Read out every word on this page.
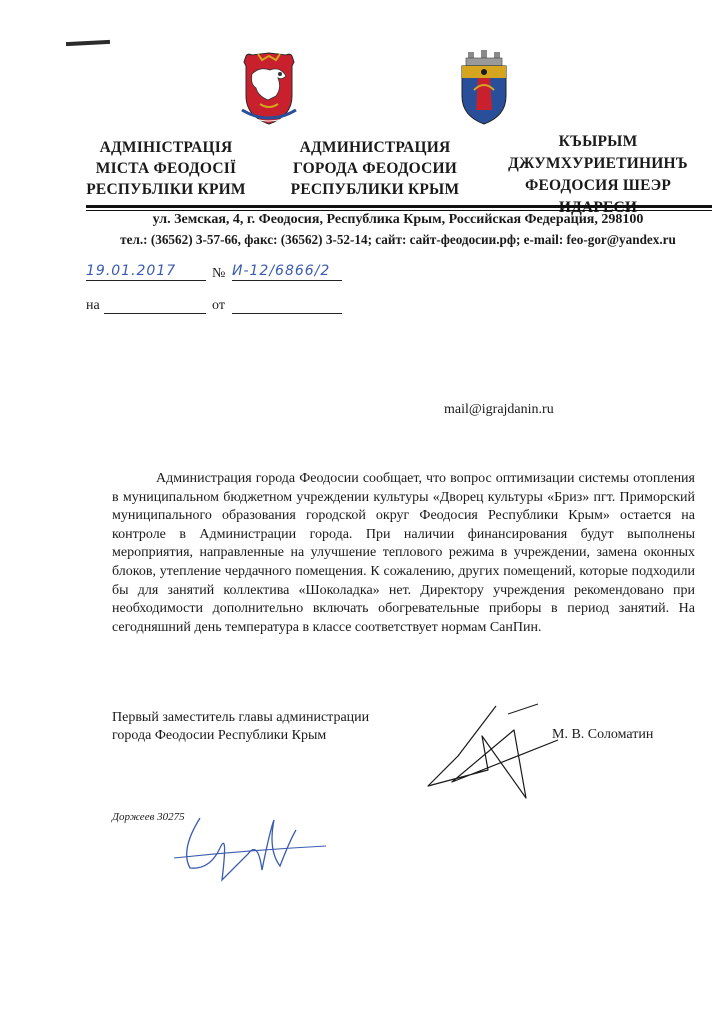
АДМІНІСТРАЦІЯ
МІСТА ФЕОДОСІЇ
РЕСПУБЛІКИ КРИМ
АДМИНИСТРАЦИЯ
ГОРОДА ФЕОДОСИИ
РЕСПУБЛИКИ КРЫМ
КЪЫРЫМ
ДЖУМХУРИЕТИНИНЪ
ФЕОДОСИЯ ШЕЭР
ул. Земская, 4, г. Феодосия, Республика Крым, Российская Федерация, 298100
тел.: (36562) 3-57-66, факс: (36562) 3-52-14; сайт: сайт-феодосии.рф; e-mail: feo-gor@yandex.ru
19.01.2017	№ И-12/6866/2
на	от
mail@igrajdanin.ru

Администрация города Феодосии сообщает, что вопрос оптимизации системы отопления в муниципальном бюджетном учреждении культуры «Дворец культуры «Бриз» пгт. Приморский муниципального образования городской округ Феодосия Республики Крым» остается на контроле в Администрации города. При наличии финансирования будут выполнены мероприятия, направленные на улучшение теплового режима в учреждении, замена оконных блоков, утепление чердачного помещения. К сожалению, других помещений, которые подходили бы для занятий коллектива «Шоколадка» нет. Директору учреждения рекомендовано при необходимости дополнительно включать обогревательные приборы в период занятий. На сегодняшний день температура в классе соответствует нормам СанПин.

Первый заместитель главы администрации
города Феодосии Республики Крым	М. В. Соломатин
Доржеев 30275
